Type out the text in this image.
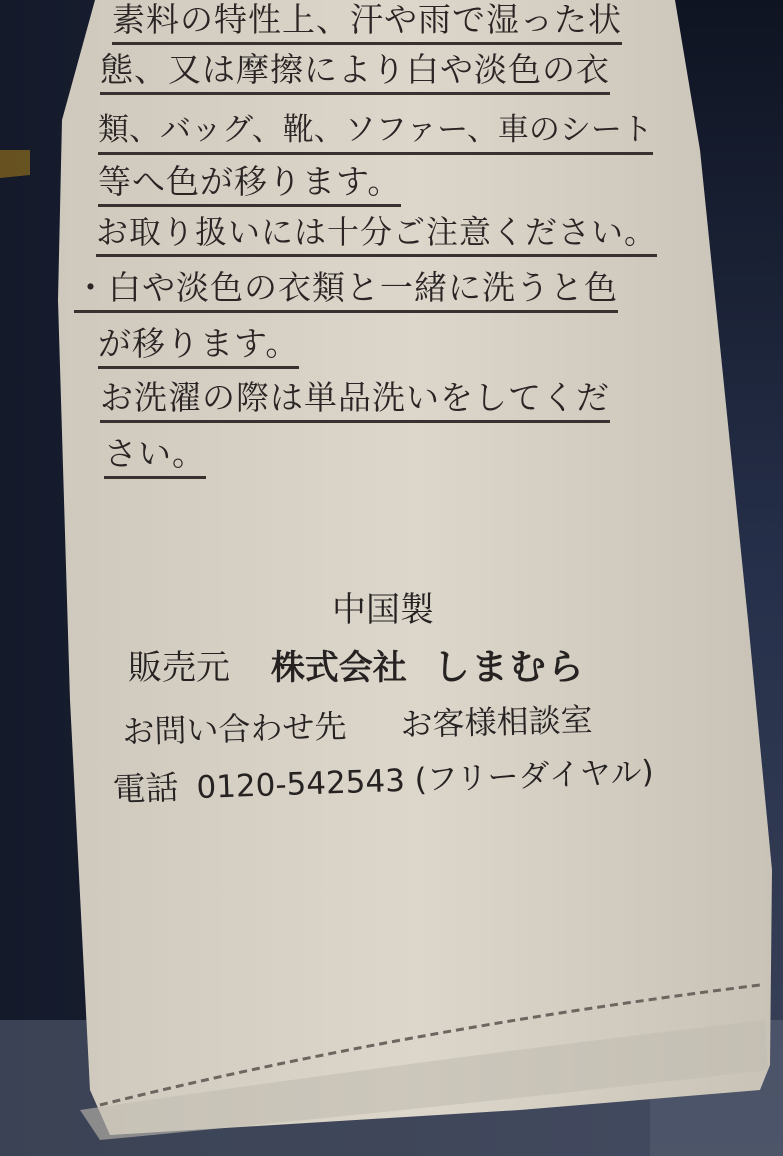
素料の特性上、汗や雨で湿った状
態、又は摩擦により白や淡色の衣
類、バッグ、靴、ソファー、車のシート
等へ色が移ります。
お取り扱いには十分ご注意ください。
・白や淡色の衣類と一緒に洗うと色
が移ります。
お洗濯の際は単品洗いをしてくだ
さい。
中国製
販売元 株式会社 しまむら
お問い合わせ先 お客様相談室
電話 0120-542543 (フリーダイヤル)
